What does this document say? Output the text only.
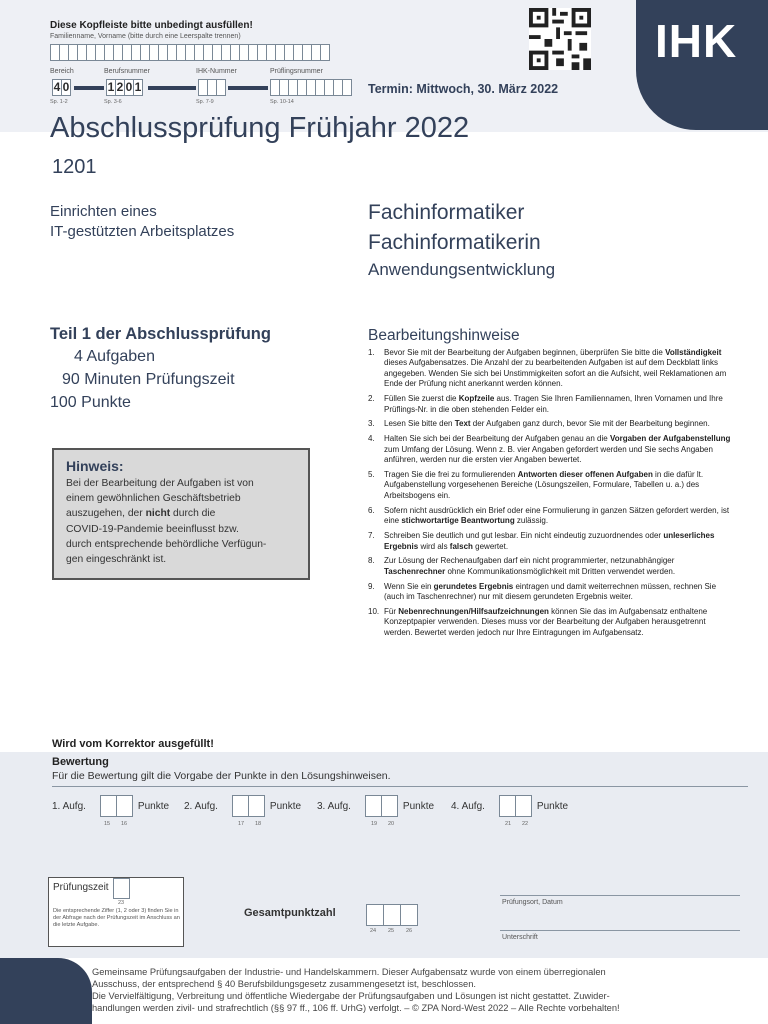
IHK
Diese Kopfleiste bitte unbedingt ausfüllen!
Familienname, Vorname (bitte durch eine Leerspalte trennen)
Bereich	Berufsnummer	IHK-Nummer	Prüflingsnummer
4 0	1 2 0 1
Sp. 1-2	Sp. 3-6	Sp. 7-9	Sp. 10-14
Termin: Mittwoch, 30. März 2022
Abschlussprüfung Frühjahr 2022
1201
Einrichten eines
IT-gestützten Arbeitsplatzes
Fachinformatiker
Fachinformatikerin
Anwendungsentwicklung
Teil 1 der Abschlussprüfung
4 Aufgaben
90 Minuten Prüfungszeit
100 Punkte
Hinweis:
Bei der Bearbeitung der Aufgaben ist von
einem gewöhnlichen Geschäftsbetrieb
auszugehen, der nicht durch die
COVID-19-Pandemie beeinflusst bzw.
durch entsprechende behördliche Verfügun-
gen eingeschränkt ist.
Bearbeitungshinweise
1.	Bevor Sie mit der Bearbeitung der Aufgaben beginnen, überprüfen Sie bitte die Vollständigkeit dieses Aufgabensatzes. Die Anzahl der zu bearbeitenden Aufgaben ist auf dem Deckblatt links angegeben. Wenden Sie sich bei Unstimmigkeiten sofort an die Aufsicht, weil Reklamationen am Ende der Prüfung nicht anerkannt werden können.
2.	Füllen Sie zuerst die Kopfzeile aus. Tragen Sie Ihren Familiennamen, Ihren Vornamen und Ihre Prüflings-Nr. in die oben stehenden Felder ein.
3.	Lesen Sie bitte den Text der Aufgaben ganz durch, bevor Sie mit der Bearbeitung beginnen.
4.	Halten Sie sich bei der Bearbeitung der Aufgaben genau an die Vorgaben der Aufgabenstellung zum Umfang der Lösung. Wenn z. B. vier Angaben gefordert werden und Sie sechs Angaben anführen, werden nur die ersten vier Angaben bewertet.
5.	Tragen Sie die frei zu formulierenden Antworten dieser offenen Aufgaben in die dafür lt. Aufgabenstellung vorgesehenen Bereiche (Lösungszeilen, Formulare, Tabellen u. a.) des Arbeitsbogens ein.
6.	Sofern nicht ausdrücklich ein Brief oder eine Formulierung in ganzen Sätzen gefordert werden, ist eine stichwortartige Beantwortung zulässig.
7.	Schreiben Sie deutlich und gut lesbar. Ein nicht eindeutig zuzuordnendes oder unleserliches Ergebnis wird als falsch gewertet.
8.	Zur Lösung der Rechenaufgaben darf ein nicht programmierter, netzunabhängiger Taschenrechner ohne Kommunikationsmöglichkeit mit Dritten verwendet werden.
9.	Wenn Sie ein gerundetes Ergebnis eintragen und damit weiterrechnen müssen, rechnen Sie (auch im Taschenrechner) nur mit diesem gerundeten Ergebnis weiter.
10. Für Nebenrechnungen/Hilfsaufzeichnungen können Sie das im Aufgabensatz enthaltene Konzeptpapier verwenden. Dieses muss vor der Bearbeitung der Aufgaben herausgetrennt werden. Bewertet werden jedoch nur Ihre Eintragungen im Aufgabensatz.
Wird vom Korrektor ausgefüllt!
Bewertung
Für die Bewertung gilt die Vorgabe der Punkte in den Lösungshinweisen.
1. Aufg.	Punkte 2. Aufg.	Punkte 3. Aufg.	Punkte 4. Aufg.	Punkte
15 16	17 18	19 20	21 22
Prüfungszeit
23
Die entsprechende Ziffer (1, 2 oder 3) finden Sie in der Abfrage nach der Prüfungszeit im Anschluss an die letzte Aufgabe.
Gesamtpunktzahl
24 25 26
Prüfungsort, Datum
Unterschrift
Gemeinsame Prüfungsaufgaben der Industrie- und Handelskammern. Dieser Aufgabensatz wurde von einem überregionalen
Ausschuss, der entsprechend § 40 Berufsbildungsgesetz zusammengesetzt ist, beschlossen.
Die Vervielfältigung, Verbreitung und öffentliche Wiedergabe der Prüfungsaufgaben und Lösungen ist nicht gestattet. Zuwider-
handlungen werden zivil- und strafrechtlich (§§ 97 ff., 106 ff. UrhG) verfolgt. – © ZPA Nord-West 2022 – Alle Rechte vorbehalten!
